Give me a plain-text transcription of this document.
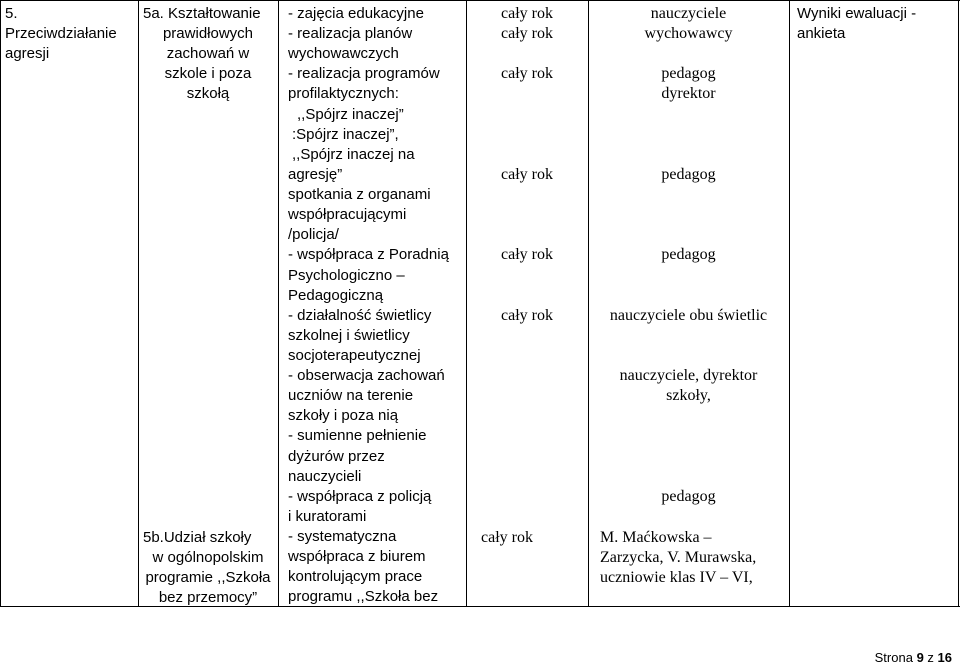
5.
Przeciwdziałanie
agresji
5a. Kształtowanie
prawidłowych
zachowań w
szkole i poza
szkołą
5b.Udział szkoły
w ogólnopolskim
programie ,,Szkoła
bez przemocy”
- zajęcia edukacyjne
- realizacja planów
wychowawczych
- realizacja programów
profilaktycznych:
,,Spójrz inaczej”
:Spójrz inaczej”,
,,Spójrz inaczej na
agresję”
spotkania z organami
współpracującymi
/policja/
- współpraca z Poradnią
Psychologiczno –
Pedagogiczną
- działalność świetlicy
szkolnej i świetlicy
socjoterapeutycznej
- obserwacja zachowań
uczniów na terenie
szkoły i poza nią
- sumienne pełnienie
dyżurów przez
nauczycieli
- współpraca z policją
i kuratorami
- systematyczna
współpraca z biurem
kontrolującym prace
programu ,,Szkoła bez
cały rok
cały rok
cały rok
cały rok
cały rok
cały rok
cały rok
nauczyciele
wychowawcy
pedagog
dyrektor
pedagog
pedagog
nauczyciele obu świetlic
nauczyciele, dyrektor
szkoły,
pedagog
M. Maćkowska –
Zarzycka, V. Murawska,
uczniowie klas IV – VI,
Wyniki ewaluacji -
ankieta
Strona 9 z 16
